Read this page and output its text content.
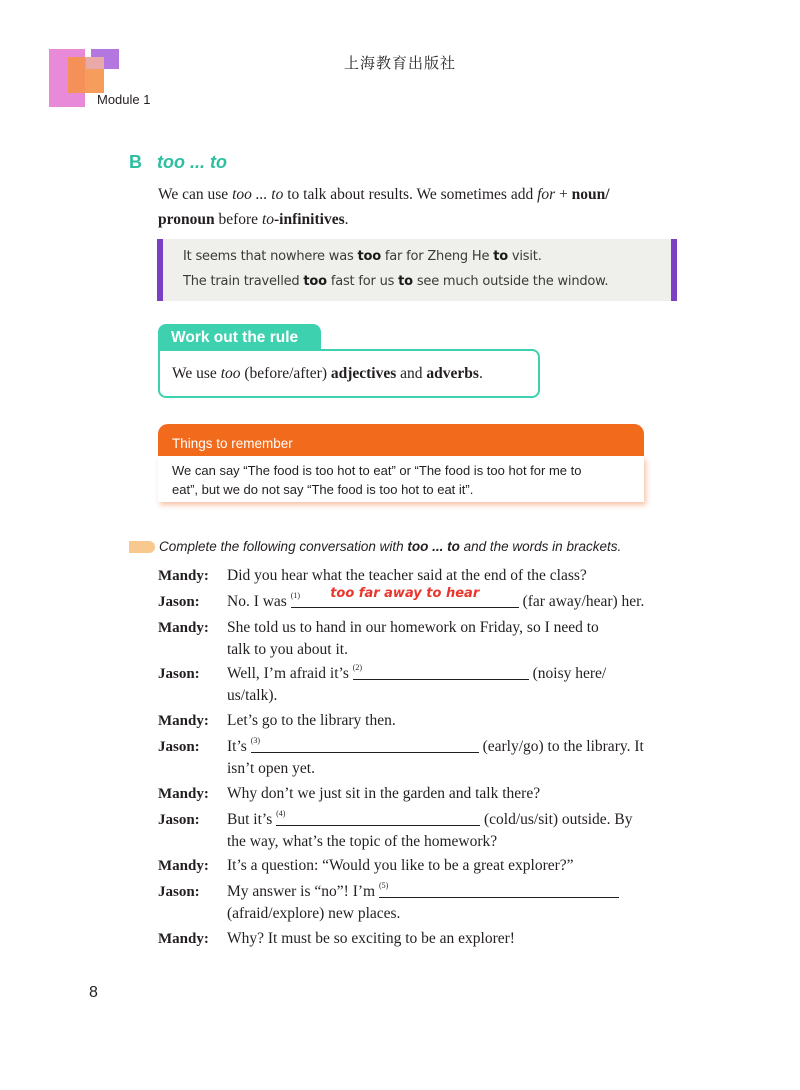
Module 1
上海教育出版社
B too ... to
We can use too ... to to talk about results. We sometimes add for + noun/
pronoun before to-infinitives.
It seems that nowhere was too far for Zheng He to visit.
The train travelled too fast for us to see much outside the window.
Work out the rule
We use too (before/after) adjectives and adverbs.
Things to remember
We can say “The food is too hot to eat” or “The food is too hot for me to
eat”, but we do not say “The food is too hot to eat it”.
Complete the following conversation with too ... to and the words in brackets.
Mandy: Did you hear what the teacher said at the end of the class?
Jason: No. I was $^{(1)}$	too far away to hear	(far away/hear) her.
Mandy: She told us to hand in our homework on Friday, so I need to
talk to you about it.
Jason: Well, I’m afraid it’s $^{(2)}$	(noisy here/
us/talk).
Mandy: Let’s go to the library then.
Jason: It’s $^{(3)}$	(early/go) to the library. It
isn’t open yet.
Mandy: Why don’t we just sit in the garden and talk there?
Jason: But it’s $^{(4)}$	(cold/us/sit) outside. By
the way, what’s the topic of the homework?
Mandy: It’s a question: “Would you like to be a great explorer?”
Jason: My answer is “no”! I’m $^{(5)}$
(afraid/explore) new places.
Mandy: Why? It must be so exciting to be an explorer!
8
